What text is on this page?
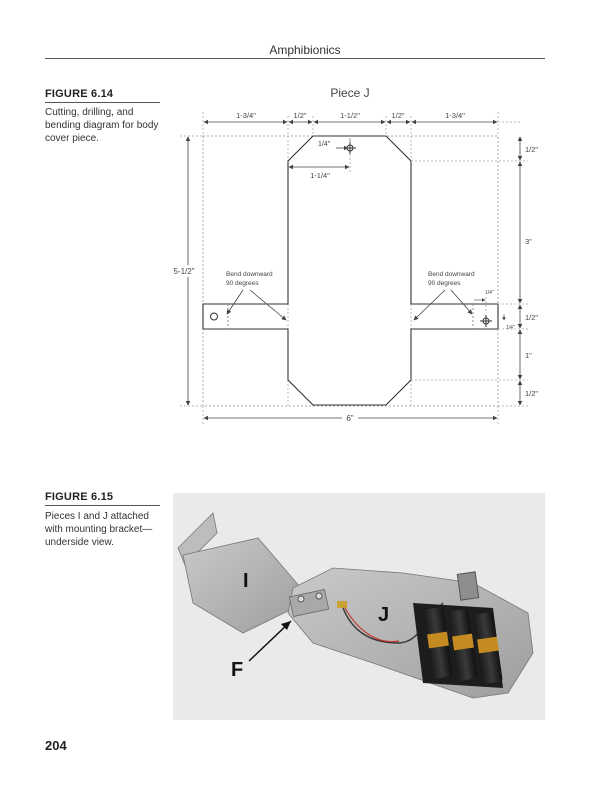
Amphibionics
FIGURE 6.14
Cutting, drilling, and bending diagram for body cover piece.
Piece J
1-3/4"	1/2"	1-1/2"	1/2"	1-3/4"
1/4"
1-1/4"
5-1/2"
6"
1/2"
3"
1/2"
1"
1/2"
1/4"
1/4"
Bend downward
90 degrees
Bend downward
90 degrees
FIGURE 6.15
Pieces I and J attached with mounting bracket—underside view.
I
J
F
204
